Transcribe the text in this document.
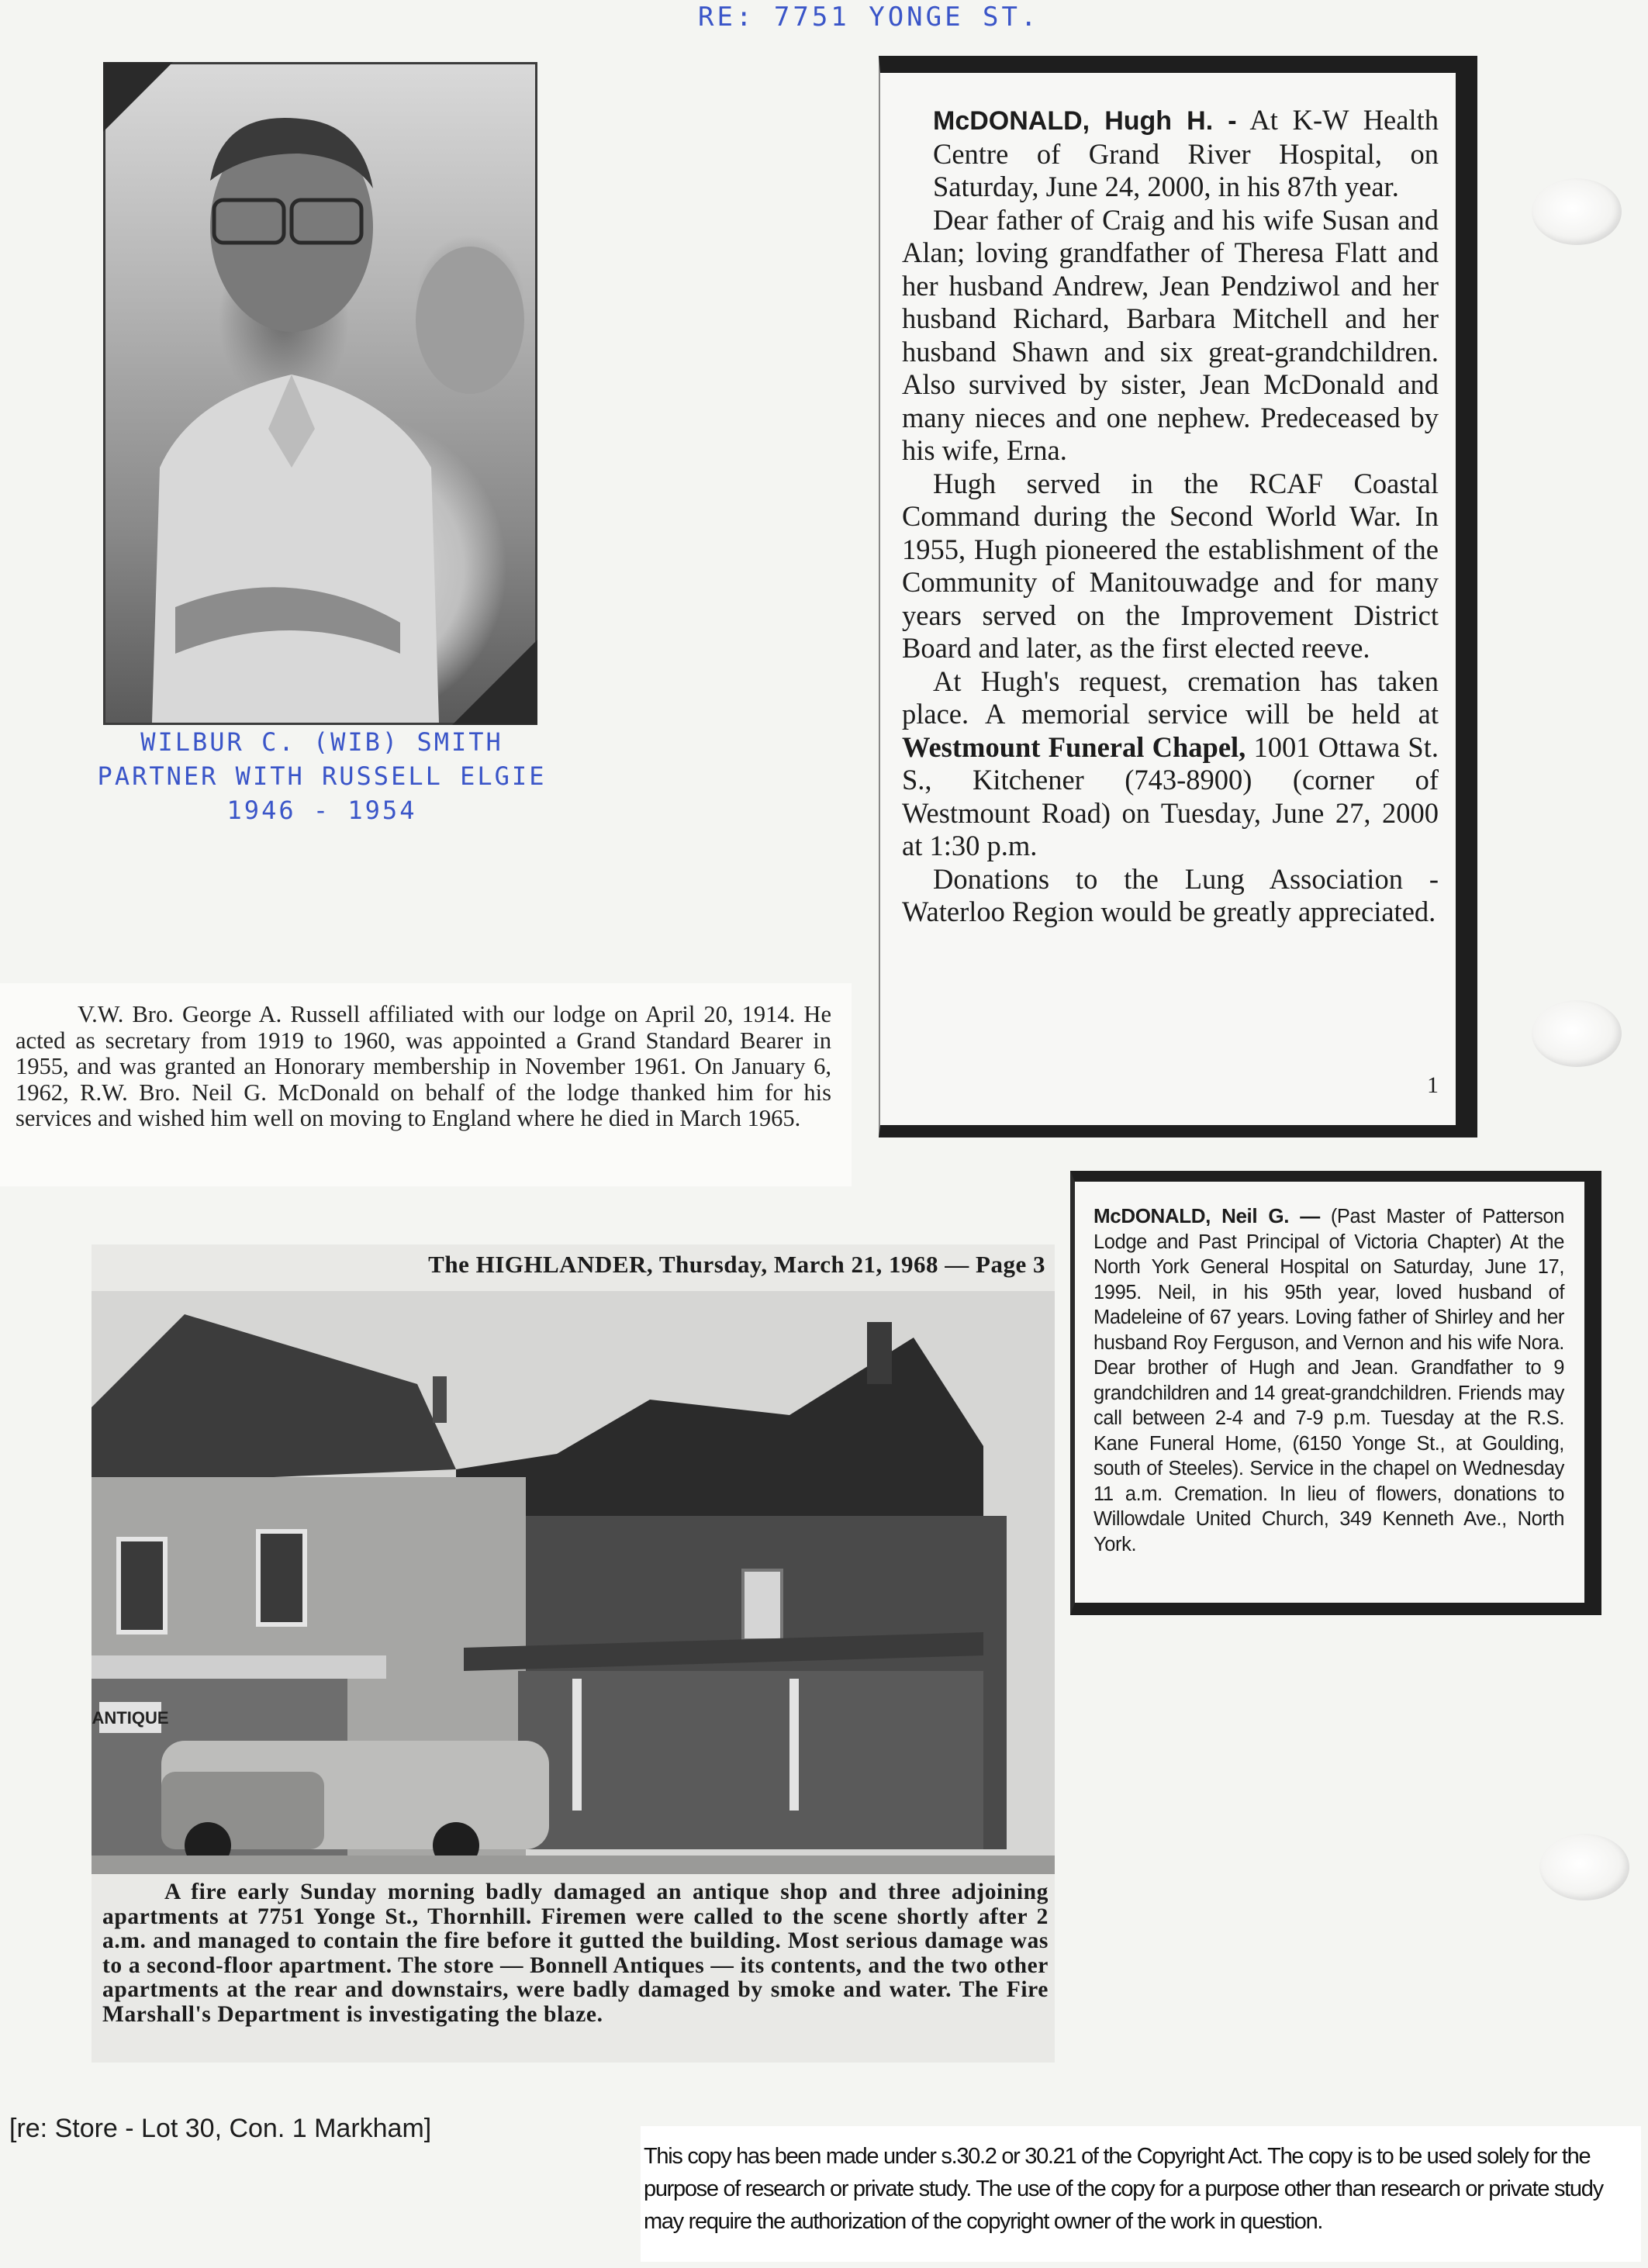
RE: 7751 YONGE ST.
WILBUR C. (WIB) SMITH
PARTNER WITH RUSSELL ELGIE
1946 - 1954

McDONALD, Hugh H. - At K-W Health Centre of Grand River Hospital, on Saturday, June 24, 2000, in his 87th year.

Dear father of Craig and his wife Susan and Alan; loving grandfather of Theresa Flatt and her husband Andrew, Jean Pendziwol and her husband Richard, Barbara Mitchell and her husband Shawn and six great-grandchildren. Also survived by sister, Jean McDonald and many nieces and one nephew. Predeceased by his wife, Erna.

Hugh served in the RCAF Coastal Command during the Second World War. In 1955, Hugh pioneered the establishment of the Community of Manitouwadge and for many years served on the Improvement District Board and later, as the first elected reeve.

At Hugh's request, cremation has taken place. A memorial service will be held at Westmount Funeral Chapel, 1001 Ottawa St. S., Kitchener (743-8900) (corner of Westmount Road) on Tuesday, June 27, 2000 at 1:30 p.m.

Donations to the Lung Association - Waterloo Region would be greatly appreciated.

1

V.W. Bro. George A. Russell affiliated with our lodge on April 20, 1914. He acted as secretary from 1919 to 1960, was appointed a Grand Standard Bearer in 1955, and was granted an Honorary membership in November 1961. On January 6, 1962, R.W. Bro. Neil G. McDonald on behalf of the lodge thanked him for his services and wished him well on moving to England where he died in March 1965.

McDONALD, Neil G. — (Past Master of Patterson Lodge and Past Principal of Victoria Chapter) At the North York General Hospital on Saturday, June 17, 1995. Neil, in his 95th year, loved husband of Madeleine of 67 years. Loving father of Shirley and her husband Roy Ferguson, and Vernon and his wife Nora. Dear brother of Hugh and Jean. Grandfather to 9 grandchildren and 14 great-grandchildren. Friends may call between 2-4 and 7-9 p.m. Tuesday at the R.S. Kane Funeral Home, (6150 Yonge St., at Goulding, south of Steeles). Service in the chapel on Wednesday 11 a.m. Cremation. In lieu of flowers, donations to Willowdale United Church, 349 Kenneth Ave., North York.

The HIGHLANDER, Thursday, March 21, 1968 — Page 3
ANTIQUE

A fire early Sunday morning badly damaged an antique shop and three adjoining apartments at 7751 Yonge St., Thornhill. Firemen were called to the scene shortly after 2 a.m. and managed to contain the fire before it gutted the building. Most serious damage was to a second-floor apartment. The store — Bonnell Antiques — its contents, and the two other apartments at the rear and downstairs, were badly damaged by smoke and water. The Fire Marshall's Department is investigating the blaze.

[re: Store - Lot 30, Con. 1 Markham]
This copy has been made under s.30.2 or 30.21 of the Copyright Act. The copy is to be used solely for the purpose of research or private study. The use of the copy for a purpose other than research or private study may require the authorization of the copyright owner of the work in question.
